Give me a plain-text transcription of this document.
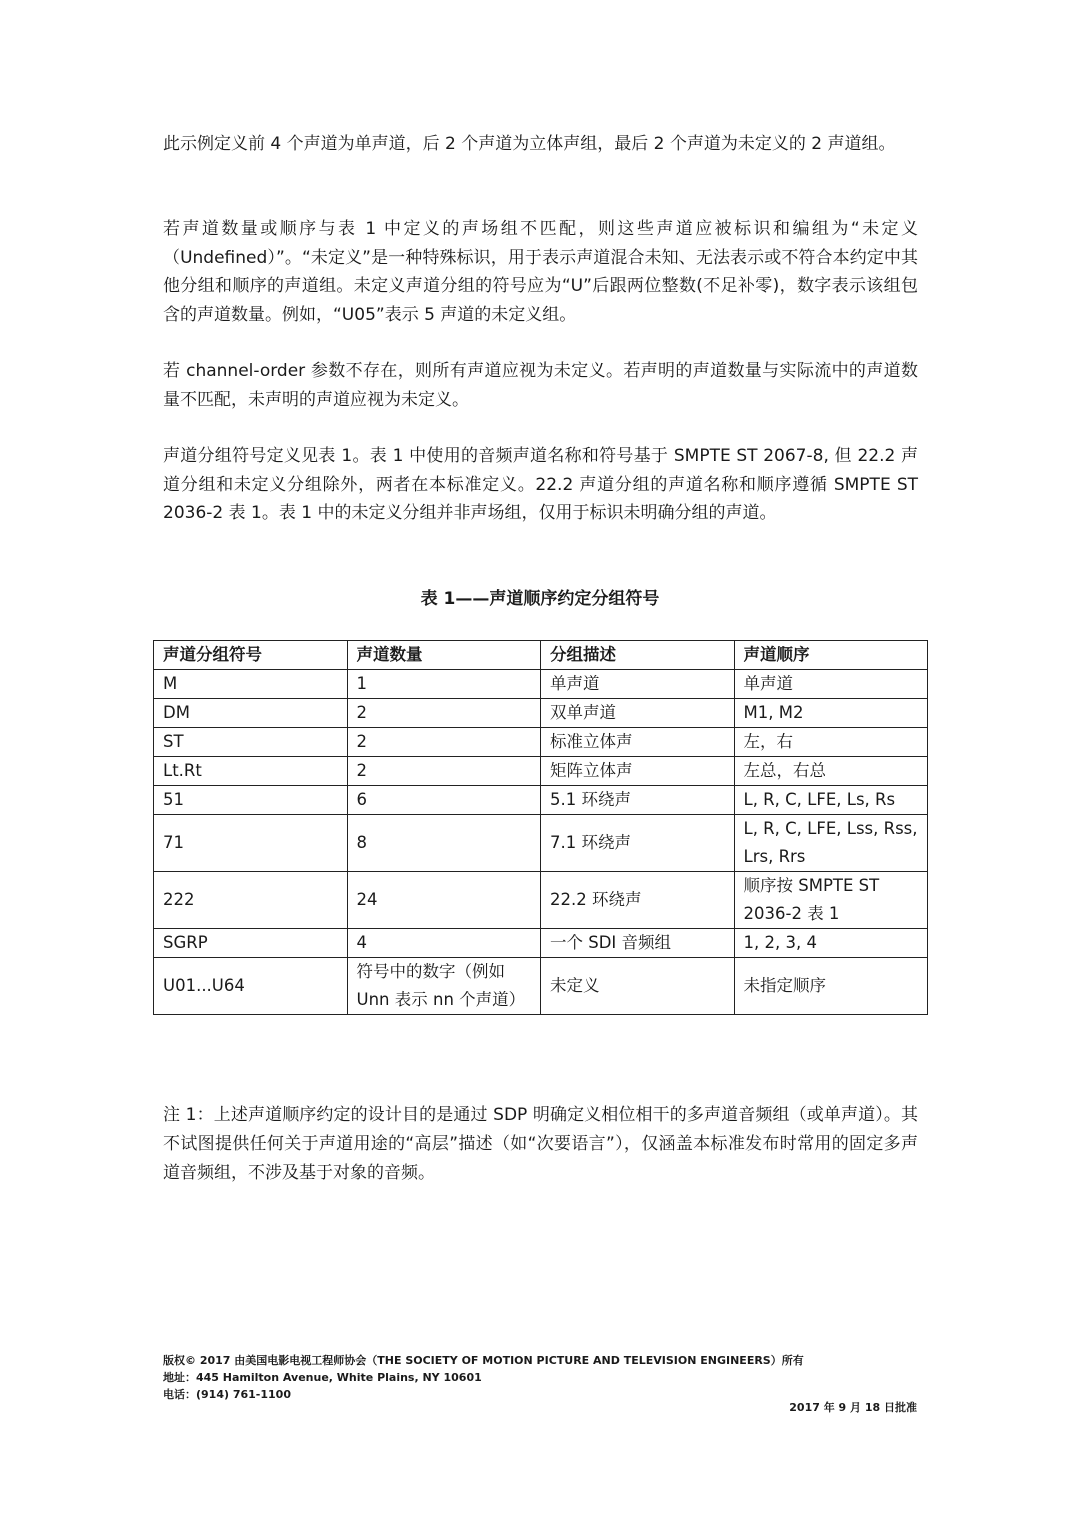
此示例定义前 4 个声道为单声道，后 2 个声道为立体声组，最后 2 个声道为未定义的 2 声道组。

若声道数量或顺序与表 1 中定义的声场组不匹配，则这些声道应被标识和编组为“未定义（Undefined）”。“未定义”是一种特殊标识，用于表示声道混合未知、无法表示或不符合本约定中其他分组和顺序的声道组。未定义声道分组的符号应为“U”后跟两位整数(不足补零)，数字表示该组包含的声道数量。例如，“U05”表示 5 声道的未定义组。

若 channel-order 参数不存在，则所有声道应视为未定义。若声明的声道数量与实际流中的声道数量不匹配，未声明的声道应视为未定义。

声道分组符号定义见表 1。表 1 中使用的音频声道名称和符号基于 SMPTE ST 2067-8, 但 22.2 声道分组和未定义分组除外，两者在本标准定义。22.2 声道分组的声道名称和顺序遵循 SMPTE ST 2036-2 表 1。表 1 中的未定义分组并非声场组，仅用于标识未明确分组的声道。

表 1——声道顺序约定分组符号
声道分组符号	声道数量	分组描述	声道顺序
M	1	单声道	单声道
DM	2	双单声道	M1, M2
ST	2	标准立体声	左，右
Lt.Rt	2	矩阵立体声	左总，右总
51	6	5.1 环绕声	L, R, C, LFE, Ls, Rs
71	8	7.1 环绕声	L, R, C, LFE, Lss, Rss, Lrs, Rrs
222	24	22.2 环绕声	顺序按 SMPTE ST 2036-2 表 1
SGRP	4	一个 SDI 音频组	1, 2, 3, 4
U01...U64	符号中的数字（例如 Unn 表示 nn 个声道）	未定义	未指定顺序

注 1：上述声道顺序约定的设计目的是通过 SDP 明确定义相位相干的多声道音频组（或单声道）。其不试图提供任何关于声道用途的“高层”描述（如“次要语言”），仅涵盖本标准发布时常用的固定多声道音频组，不涉及基于对象的音频。

版权© 2017 由美国电影电视工程师协会（THE SOCIETY OF MOTION PICTURE AND TELEVISION ENGINEERS）所有
地址：445 Hamilton Avenue, White Plains, NY 10601
电话：(914) 761-1100
2017 年 9 月 18 日批准
